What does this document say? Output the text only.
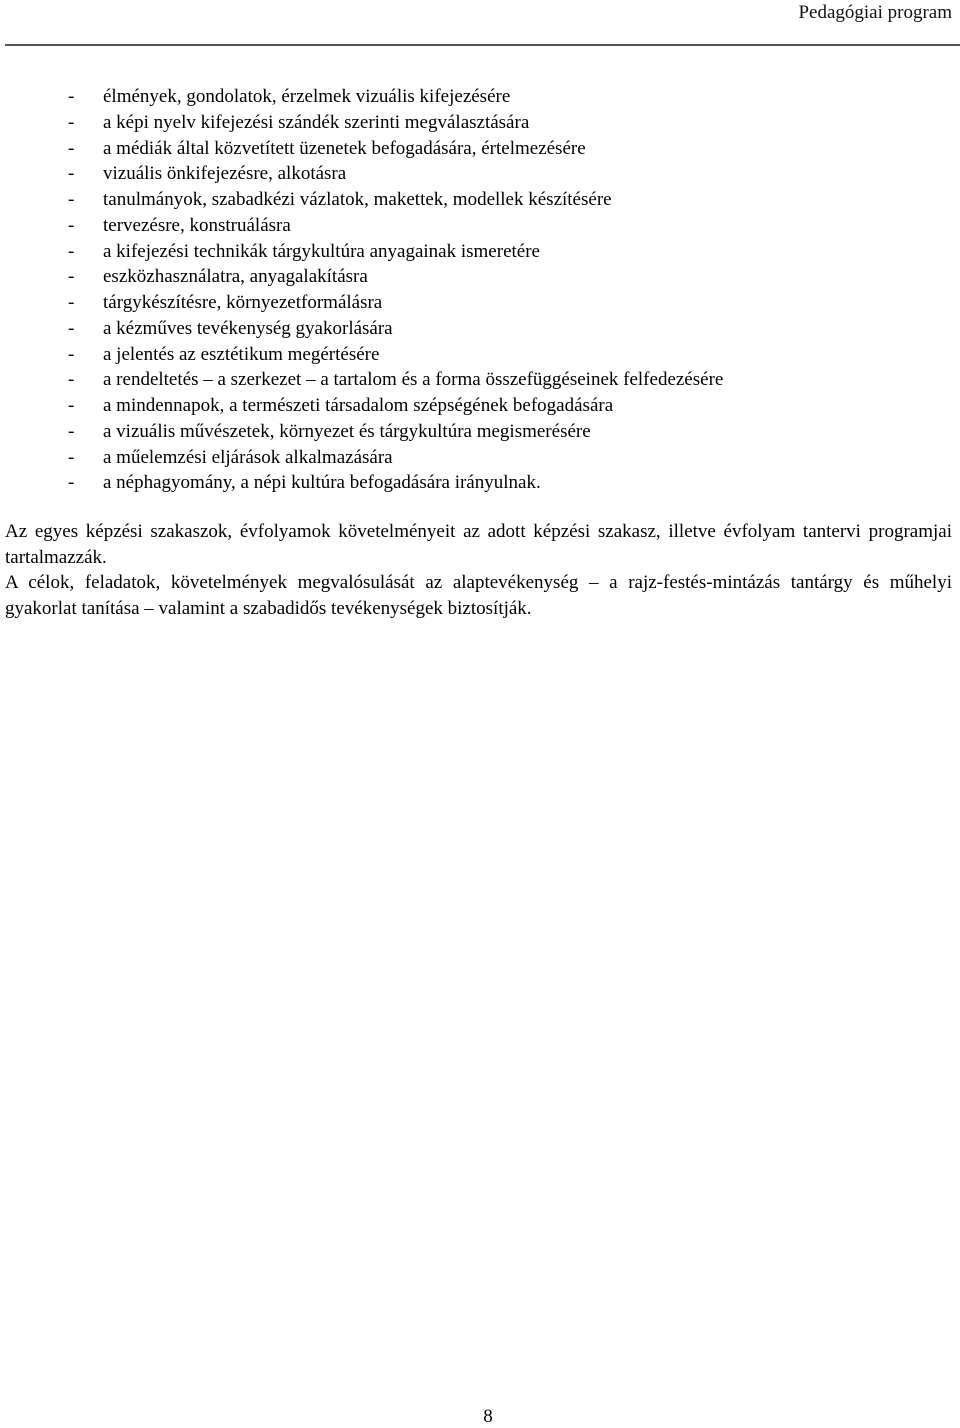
Pedagógiai program
- élmények, gondolatok, érzelmek vizuális kifejezésére
- a képi nyelv kifejezési szándék szerinti megválasztására
- a médiák által közvetített üzenetek befogadására, értelmezésére
- vizuális önkifejezésre, alkotásra
- tanulmányok, szabadkézi vázlatok, makettek, modellek készítésére
- tervezésre, konstruálásra
- a kifejezési technikák tárgykultúra anyagainak ismeretére
- eszközhasználatra, anyagalakításra
- tárgykészítésre, környezetformálásra
- a kézműves tevékenység gyakorlására
- a jelentés az esztétikum megértésére
- a rendeltetés – a szerkezet – a tartalom és a forma összefüggéseinek felfedezésére
- a mindennapok, a természeti társadalom szépségének befogadására
- a vizuális művészetek, környezet és tárgykultúra megismerésére
- a műelemzési eljárások alkalmazására
- a néphagyomány, a népi kultúra befogadására irányulnak.

Az egyes képzési szakaszok, évfolyamok követelményeit az adott képzési szakasz, illetve évfolyam tantervi programjai tartalmazzák.

A célok, feladatok, követelmények megvalósulását az alaptevékenység – a rajz-festés-mintázás tantárgy és műhelyi gyakorlat tanítása – valamint a szabadidős tevékenységek biztosítják.

8
